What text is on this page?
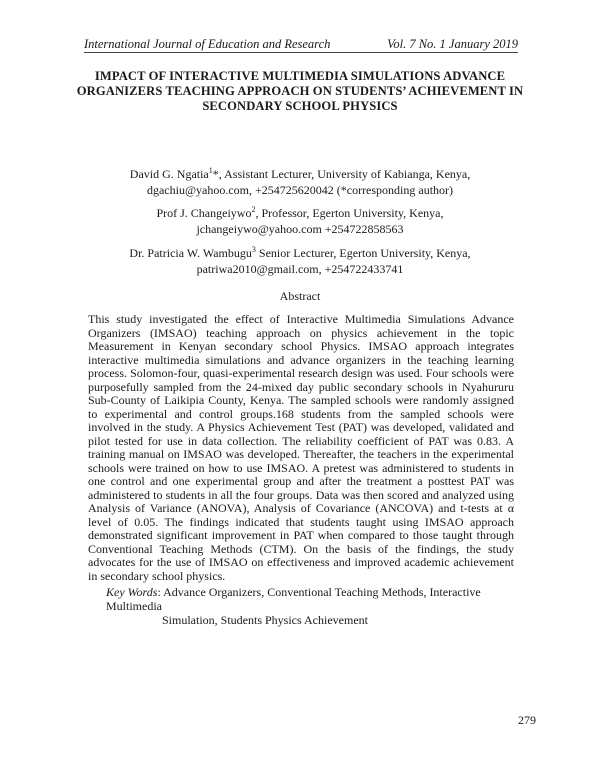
International Journal of Education and Research	Vol. 7 No. 1 January 2019
IMPACT OF INTERACTIVE MULTIMEDIA SIMULATIONS ADVANCE
ORGANIZERS TEACHING APPROACH ON STUDENTS’ ACHIEVEMENT IN
SECONDARY SCHOOL PHYSICS
David G. Ngatia$^1$*, Assistant Lecturer, University of Kabianga, Kenya,
dgachiu@yahoo.com, +254725620042 (*corresponding author)
Prof J. Changeiywo$^2$, Professor, Egerton University, Kenya,
jchangeiywo@yahoo.com +254722858563
Dr. Patricia W. Wambugu$^3$ Senior Lecturer, Egerton University, Kenya,
patriwa2010@gmail.com, +254722433741
Abstract
This study investigated the effect of Interactive Multimedia Simulations Advance Organizers (IMSAO) teaching approach on physics achievement in the topic Measurement in Kenyan secondary school Physics. IMSAO approach integrates interactive multimedia simulations and advance organizers in the teaching learning process. Solomon-four, quasi-experimental research design was used. Four schools were purposefully sampled from the 24-mixed day public secondary schools in Nyahururu Sub-County of Laikipia County, Kenya. The sampled schools were randomly assigned to experimental and control groups.168 students from the sampled schools were involved in the study. A Physics Achievement Test (PAT) was developed, validated and pilot tested for use in data collection. The reliability coefficient of PAT was 0.83. A training manual on IMSAO was developed. Thereafter, the teachers in the experimental schools were trained on how to use IMSAO. A pretest was administered to students in one control and one experimental group and after the treatment a posttest PAT was administered to students in all the four groups. Data was then scored and analyzed using Analysis of Variance (ANOVA), Analysis of Covariance (ANCOVA) and t-tests at α level of 0.05. The findings indicated that students taught using IMSAO approach demonstrated significant improvement in PAT when compared to those taught through Conventional Teaching Methods (CTM). On the basis of the findings, the study advocates for the use of IMSAO on effectiveness and improved academic achievement in secondary school physics.
Key Words: Advance Organizers, Conventional Teaching Methods, Interactive Multimedia
Simulation, Students Physics Achievement
279
